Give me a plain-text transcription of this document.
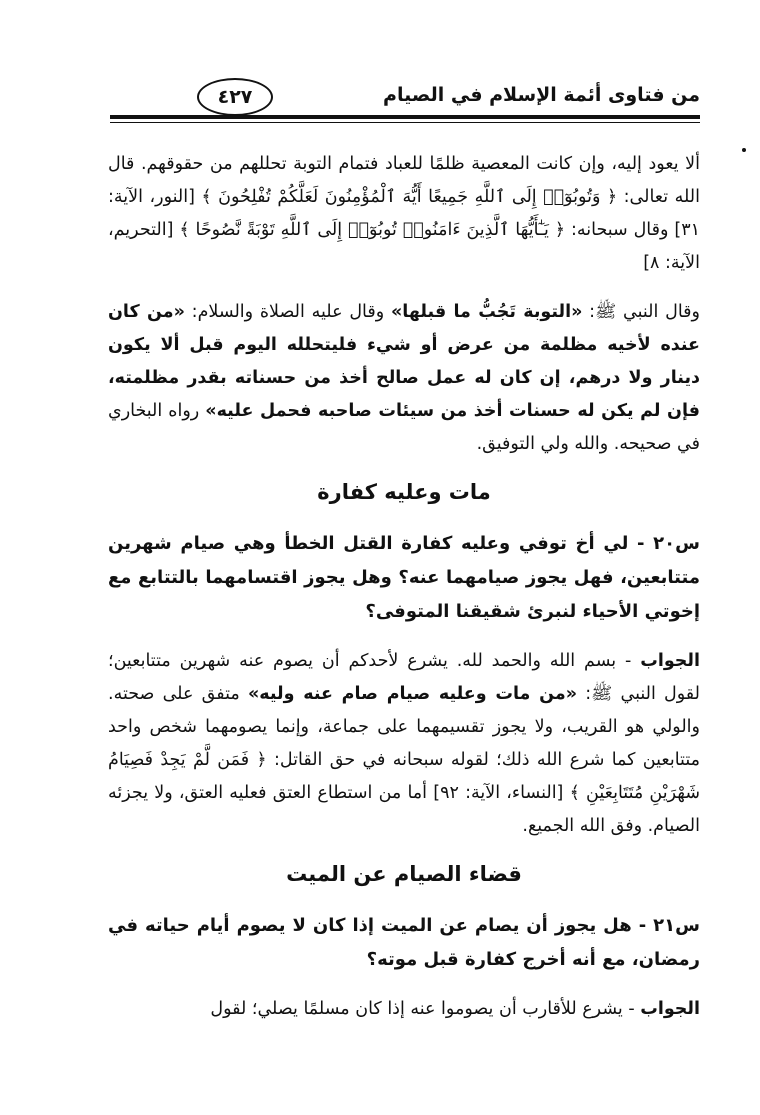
من فتاوى أئمة الإسلام في الصيام
٤٢٧

ألا يعود إليه، وإن كانت المعصية ظلمًا للعباد فتمام التوبة تحللهم من حقوقهم. قال الله تعالى: ﴿ وَتُوبُوٓا۟ إِلَى ٱللَّهِ جَمِيعًا أَيُّهَ ٱلْمُؤْمِنُونَ لَعَلَّكُمْ تُفْلِحُونَ ﴾ [النور، الآية: ٣١] وقال سبحانه: ﴿ يَـٰٓأَيُّهَا ٱلَّذِينَ ءَامَنُوا۟ تُوبُوٓا۟ إِلَى ٱللَّهِ تَوْبَةً نَّصُوحًا ﴾ [التحريم، الآية: ٨]

وقال النبي ﷺ: «التوبة تَجُبُّ ما قبلها» وقال عليه الصلاة والسلام: «من كان عنده لأخيه مظلمة من عرض أو شيء فليتحلله اليوم قبل ألا يكون دينار ولا درهم، إن كان له عمل صالح أخذ من حسناته بقدر مظلمته، فإن لم يكن له حسنات أخذ من سيئات صاحبه فحمل عليه» رواه البخاري في صحيحه. والله ولي التوفيق.

مات وعليه كفارة

س٢٠ - لي أخ توفي وعليه كفارة القتل الخطأ وهي صيام شهرين متتابعين، فهل يجوز صيامهما عنه؟ وهل يجوز اقتسامهما بالتتابع مع إخوتي الأحياء لنبرئ شقيقنا المتوفى؟

الجواب - بسم الله والحمد لله. يشرع لأحدكم أن يصوم عنه شهرين متتابعين؛ لقول النبي ﷺ: «من مات وعليه صيام صام عنه وليه» متفق على صحته. والولي هو القريب، ولا يجوز تقسيمهما على جماعة، وإنما يصومهما شخص واحد متتابعين كما شرع الله ذلك؛ لقوله سبحانه في حق القاتل: ﴿ فَمَن لَّمْ يَجِدْ فَصِيَامُ شَهْرَيْنِ مُتَتَابِعَيْنِ ﴾ [النساء، الآية: ٩٢] أما من استطاع العتق فعليه العتق، ولا يجزئه الصيام. وفق الله الجميع.

قضاء الصيام عن الميت

س٢١ - هل يجوز أن يصام عن الميت إذا كان لا يصوم أيام حياته في رمضان، مع أنه أخرج كفارة قبل موته؟

الجواب - يشرع للأقارب أن يصوموا عنه إذا كان مسلمًا يصلي؛ لقول
